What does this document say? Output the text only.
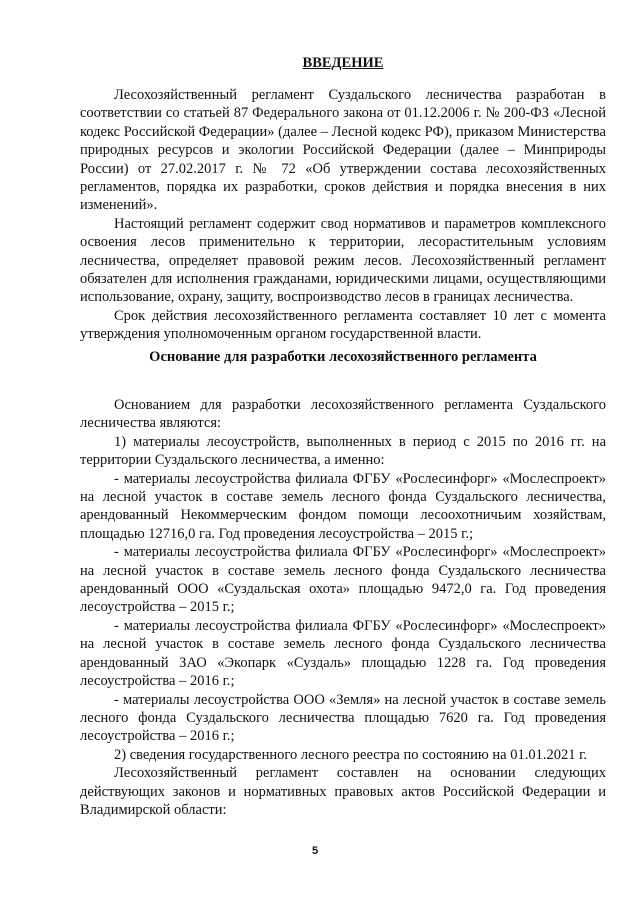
ВВЕДЕНИЕ

Лесохозяйственный регламент Суздальского лесничества разработан в соответствии со статьей 87 Федерального закона от 01.12.2006 г. № 200-ФЗ «Лесной кодекс Российской Федерации» (далее – Лесной кодекс РФ), приказом Министерства природных ресурсов и экологии Российской Федерации (далее – Минприроды России) от 27.02.2017 г. № 72 «Об утверждении состава лесохозяйственных регламентов, порядка их разработки, сроков действия и порядка внесения в них изменений».

Настоящий регламент содержит свод нормативов и параметров комплексного освоения лесов применительно к территории, лесорастительным условиям лесничества, определяет правовой режим лесов. Лесохозяйственный регламент обязателен для исполнения гражданами, юридическими лицами, осуществляющими использование, охрану, защиту, воспроизводство лесов в границах лесничества.

Срок действия лесохозяйственного регламента составляет 10 лет с момента утверждения уполномоченным органом государственной власти.

Основание для разработки лесохозяйственного регламента

Основанием для разработки лесохозяйственного регламента Суздальского лесничества являются:

1) материалы лесоустройств, выполненных в период с 2015 по 2016 гг. на территории Суздальского лесничества, а именно:

- материалы лесоустройства филиала ФГБУ «Рослесинфорг» «Мослеспроект» на лесной участок в составе земель лесного фонда Суздальского лесничества, арендованный Некоммерческим фондом помощи лесоохотничьим хозяйствам, площадью 12716,0 га. Год проведения лесоустройства – 2015 г.;

- материалы лесоустройства филиала ФГБУ «Рослесинфорг» «Мослеспроект» на лесной участок в составе земель лесного фонда Суздальского лесничества арендованный ООО «Суздальская охота» площадью 9472,0 га. Год проведения лесоустройства – 2015 г.;

- материалы лесоустройства филиала ФГБУ «Рослесинфорг» «Мослеспроект» на лесной участок в составе земель лесного фонда Суздальского лесничества арендованный ЗАО «Экопарк «Суздаль» площадью 1228 га. Год проведения лесоустройства – 2016 г.;

- материалы лесоустройства ООО «Земля» на лесной участок в составе земель лесного фонда Суздальского лесничества площадью 7620 га. Год проведения лесоустройства – 2016 г.;

2) сведения государственного лесного реестра по состоянию на 01.01.2021 г.

Лесохозяйственный регламент составлен на основании следующих действующих законов и нормативных правовых актов Российской Федерации и Владимирской области:

5
